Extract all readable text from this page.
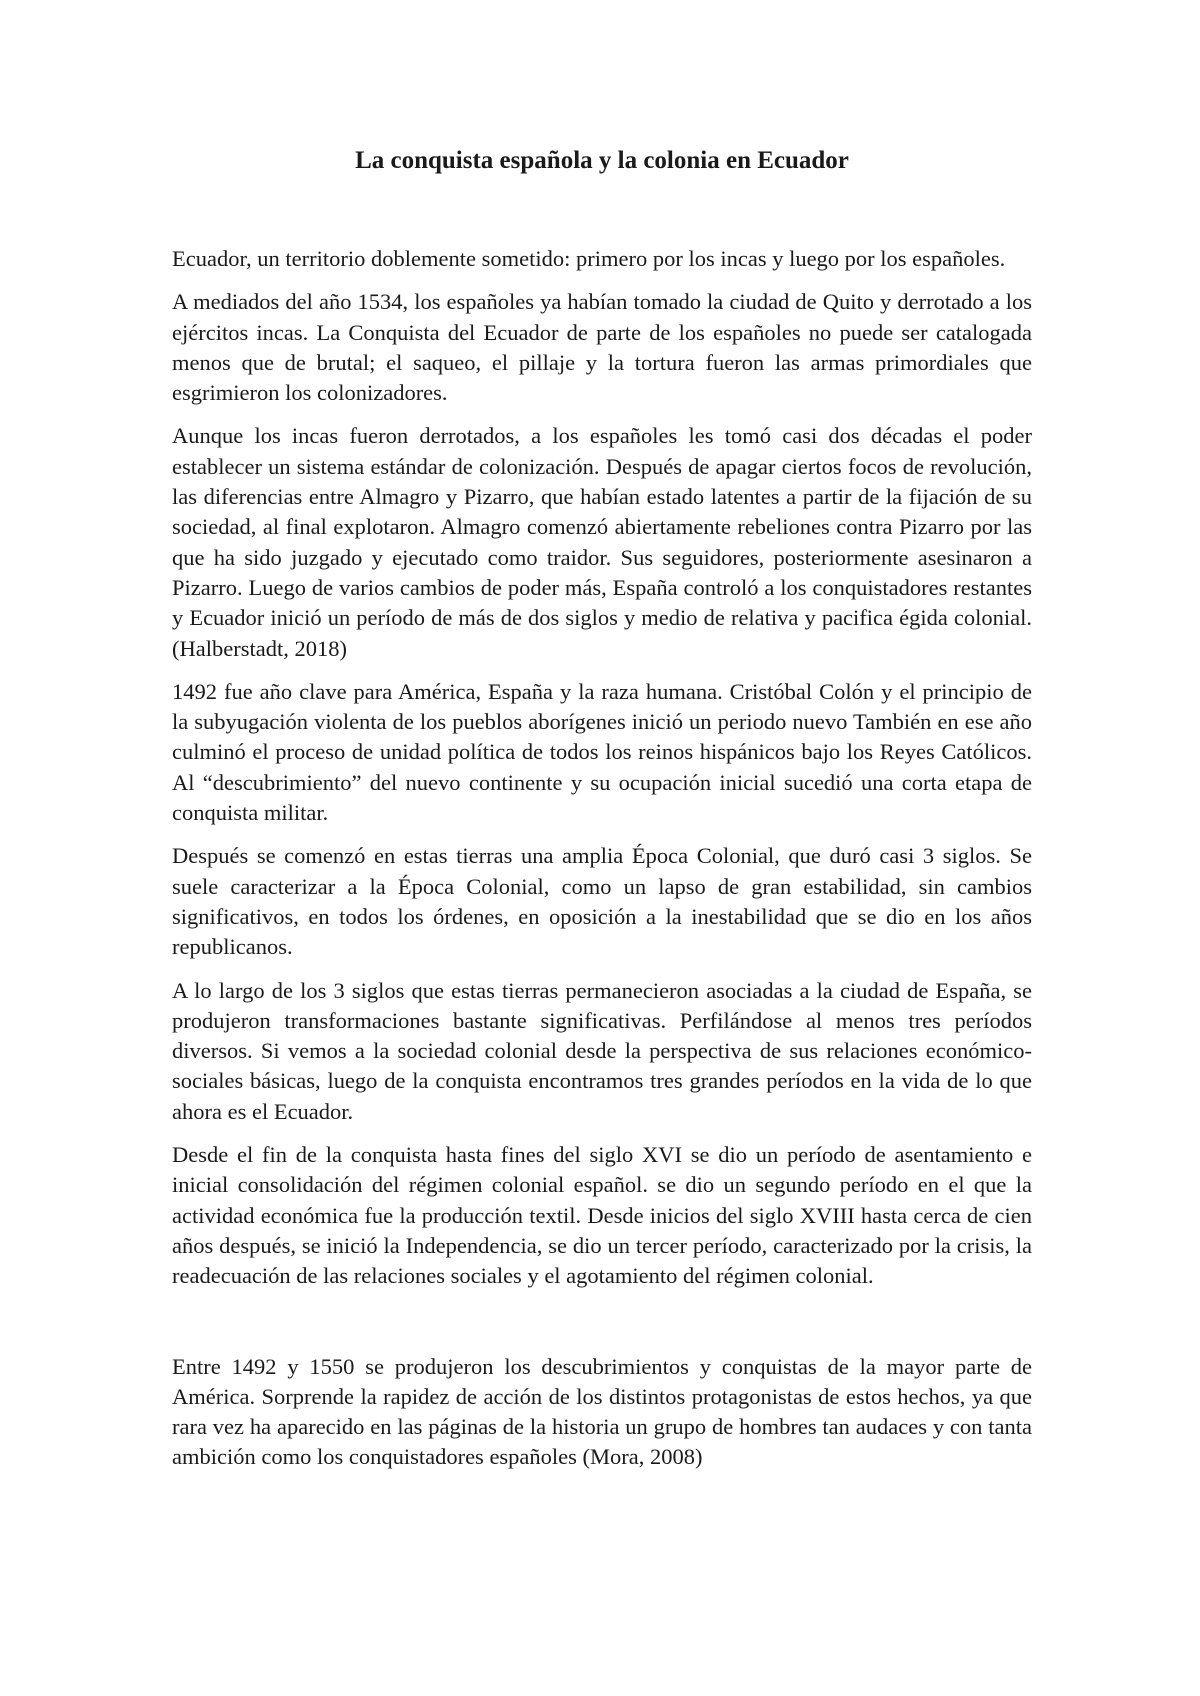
La conquista española y la colonia en Ecuador

Ecuador, un territorio doblemente sometido: primero por los incas y luego por los españoles.

A mediados del año 1534, los españoles ya habían tomado la ciudad de Quito y derrotado a los ejércitos incas. La Conquista del Ecuador de parte de los españoles no puede ser catalogada menos que de brutal; el saqueo, el pillaje y la tortura fueron las armas primordiales que esgrimieron los colonizadores.

Aunque los incas fueron derrotados, a los españoles les tomó casi dos décadas el poder establecer un sistema estándar de colonización. Después de apagar ciertos focos de revolución, las diferencias entre Almagro y Pizarro, que habían estado latentes a partir de la fijación de su sociedad, al final explotaron. Almagro comenzó abiertamente rebeliones contra Pizarro por las que ha sido juzgado y ejecutado como traidor. Sus seguidores, posteriormente asesinaron a Pizarro. Luego de varios cambios de poder más, España controló a los conquistadores restantes y Ecuador inició un período de más de dos siglos y medio de relativa y pacifica égida colonial. (Halberstadt, 2018)

1492 fue año clave para América, España y la raza humana. Cristóbal Colón y el principio de la subyugación violenta de los pueblos aborígenes inició un periodo nuevo También en ese año culminó el proceso de unidad política de todos los reinos hispánicos bajo los Reyes Católicos. Al “descubrimiento” del nuevo continente y su ocupación inicial sucedió una corta etapa de conquista militar.

Después se comenzó en estas tierras una amplia Época Colonial, que duró casi 3 siglos. Se suele caracterizar a la Época Colonial, como un lapso de gran estabilidad, sin cambios significativos, en todos los órdenes, en oposición a la inestabilidad que se dio en los años republicanos.

A lo largo de los 3 siglos que estas tierras permanecieron asociadas a la ciudad de España, se produjeron transformaciones bastante significativas. Perfilándose al menos tres períodos diversos. Si vemos a la sociedad colonial desde la perspectiva de sus relaciones económico-sociales básicas, luego de la conquista encontramos tres grandes períodos en la vida de lo que ahora es el Ecuador.

Desde el fin de la conquista hasta fines del siglo XVI se dio un período de asentamiento e inicial consolidación del régimen colonial español. se dio un segundo período en el que la actividad económica fue la producción textil. Desde inicios del siglo XVIII hasta cerca de cien años después, se inició la Independencia, se dio un tercer período, caracterizado por la crisis, la readecuación de las relaciones sociales y el agotamiento del régimen colonial.

Entre 1492 y 1550 se produjeron los descubrimientos y conquistas de la mayor parte de América. Sorprende la rapidez de acción de los distintos protagonistas de estos hechos, ya que rara vez ha aparecido en las páginas de la historia un grupo de hombres tan audaces y con tanta ambición como los conquistadores españoles (Mora, 2008)
